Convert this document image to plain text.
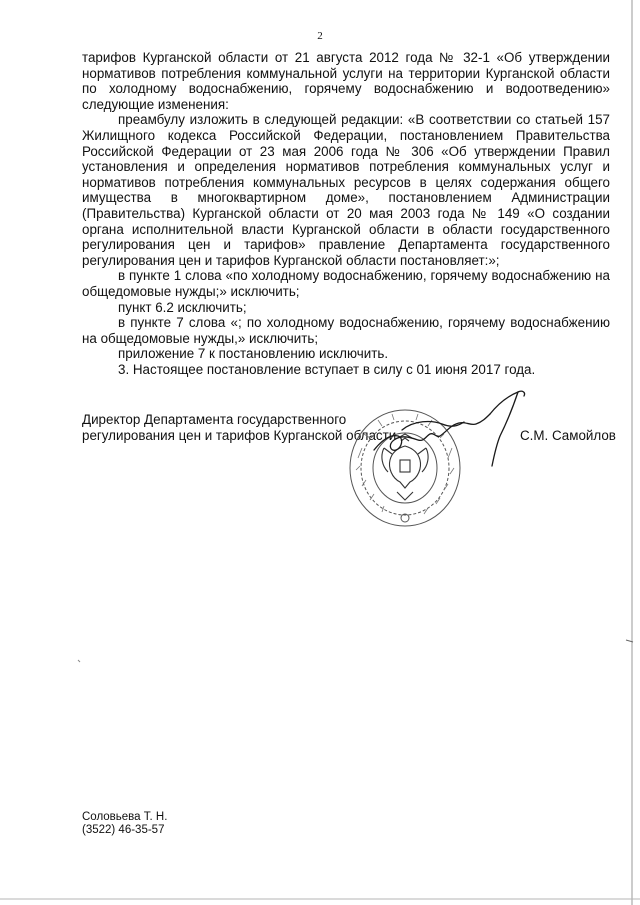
2

тарифов Курганской области от 21 августа 2012 года № 32-1 «Об утверждении нормативов потребления коммунальной услуги на территории Курганской области по холодному водоснабжению, горячему водоснабжению и водоотведению» следующие изменения:

преамбулу изложить в следующей редакции: «В соответствии со статьей 157 Жилищного кодекса Российской Федерации, постановлением Правительства Российской Федерации от 23 мая 2006 года № 306 «Об утверждении Правил установления и определения нормативов потребления коммунальных услуг и нормативов потребления коммунальных ресурсов в целях содержания общего имущества в многоквартирном доме», постановлением Администрации (Правительства) Курганской области от 20 мая 2003 года № 149 «О создании органа исполнительной власти Курганской области в области государственного регулирования цен и тарифов» правление Департамента государственного регулирования цен и тарифов Курганской области постановляет:»;

в пункте 1 слова «по холодному водоснабжению, горячему водоснабжению на общедомовые нужды;» исключить;

пункт 6.2 исключить;

в пункте 7 слова «; по холодному водоснабжению, горячему водоснабжению на общедомовые нужды,» исключить;

приложение 7 к постановлению исключить.

3. Настоящее постановление вступает в силу с 01 июня 2017 года.

Директор Департамента государственного регулирования цен и тарифов Курганской области	С.М. Самойлов
Соловьева Т. Н.
(3522) 46-35-57
